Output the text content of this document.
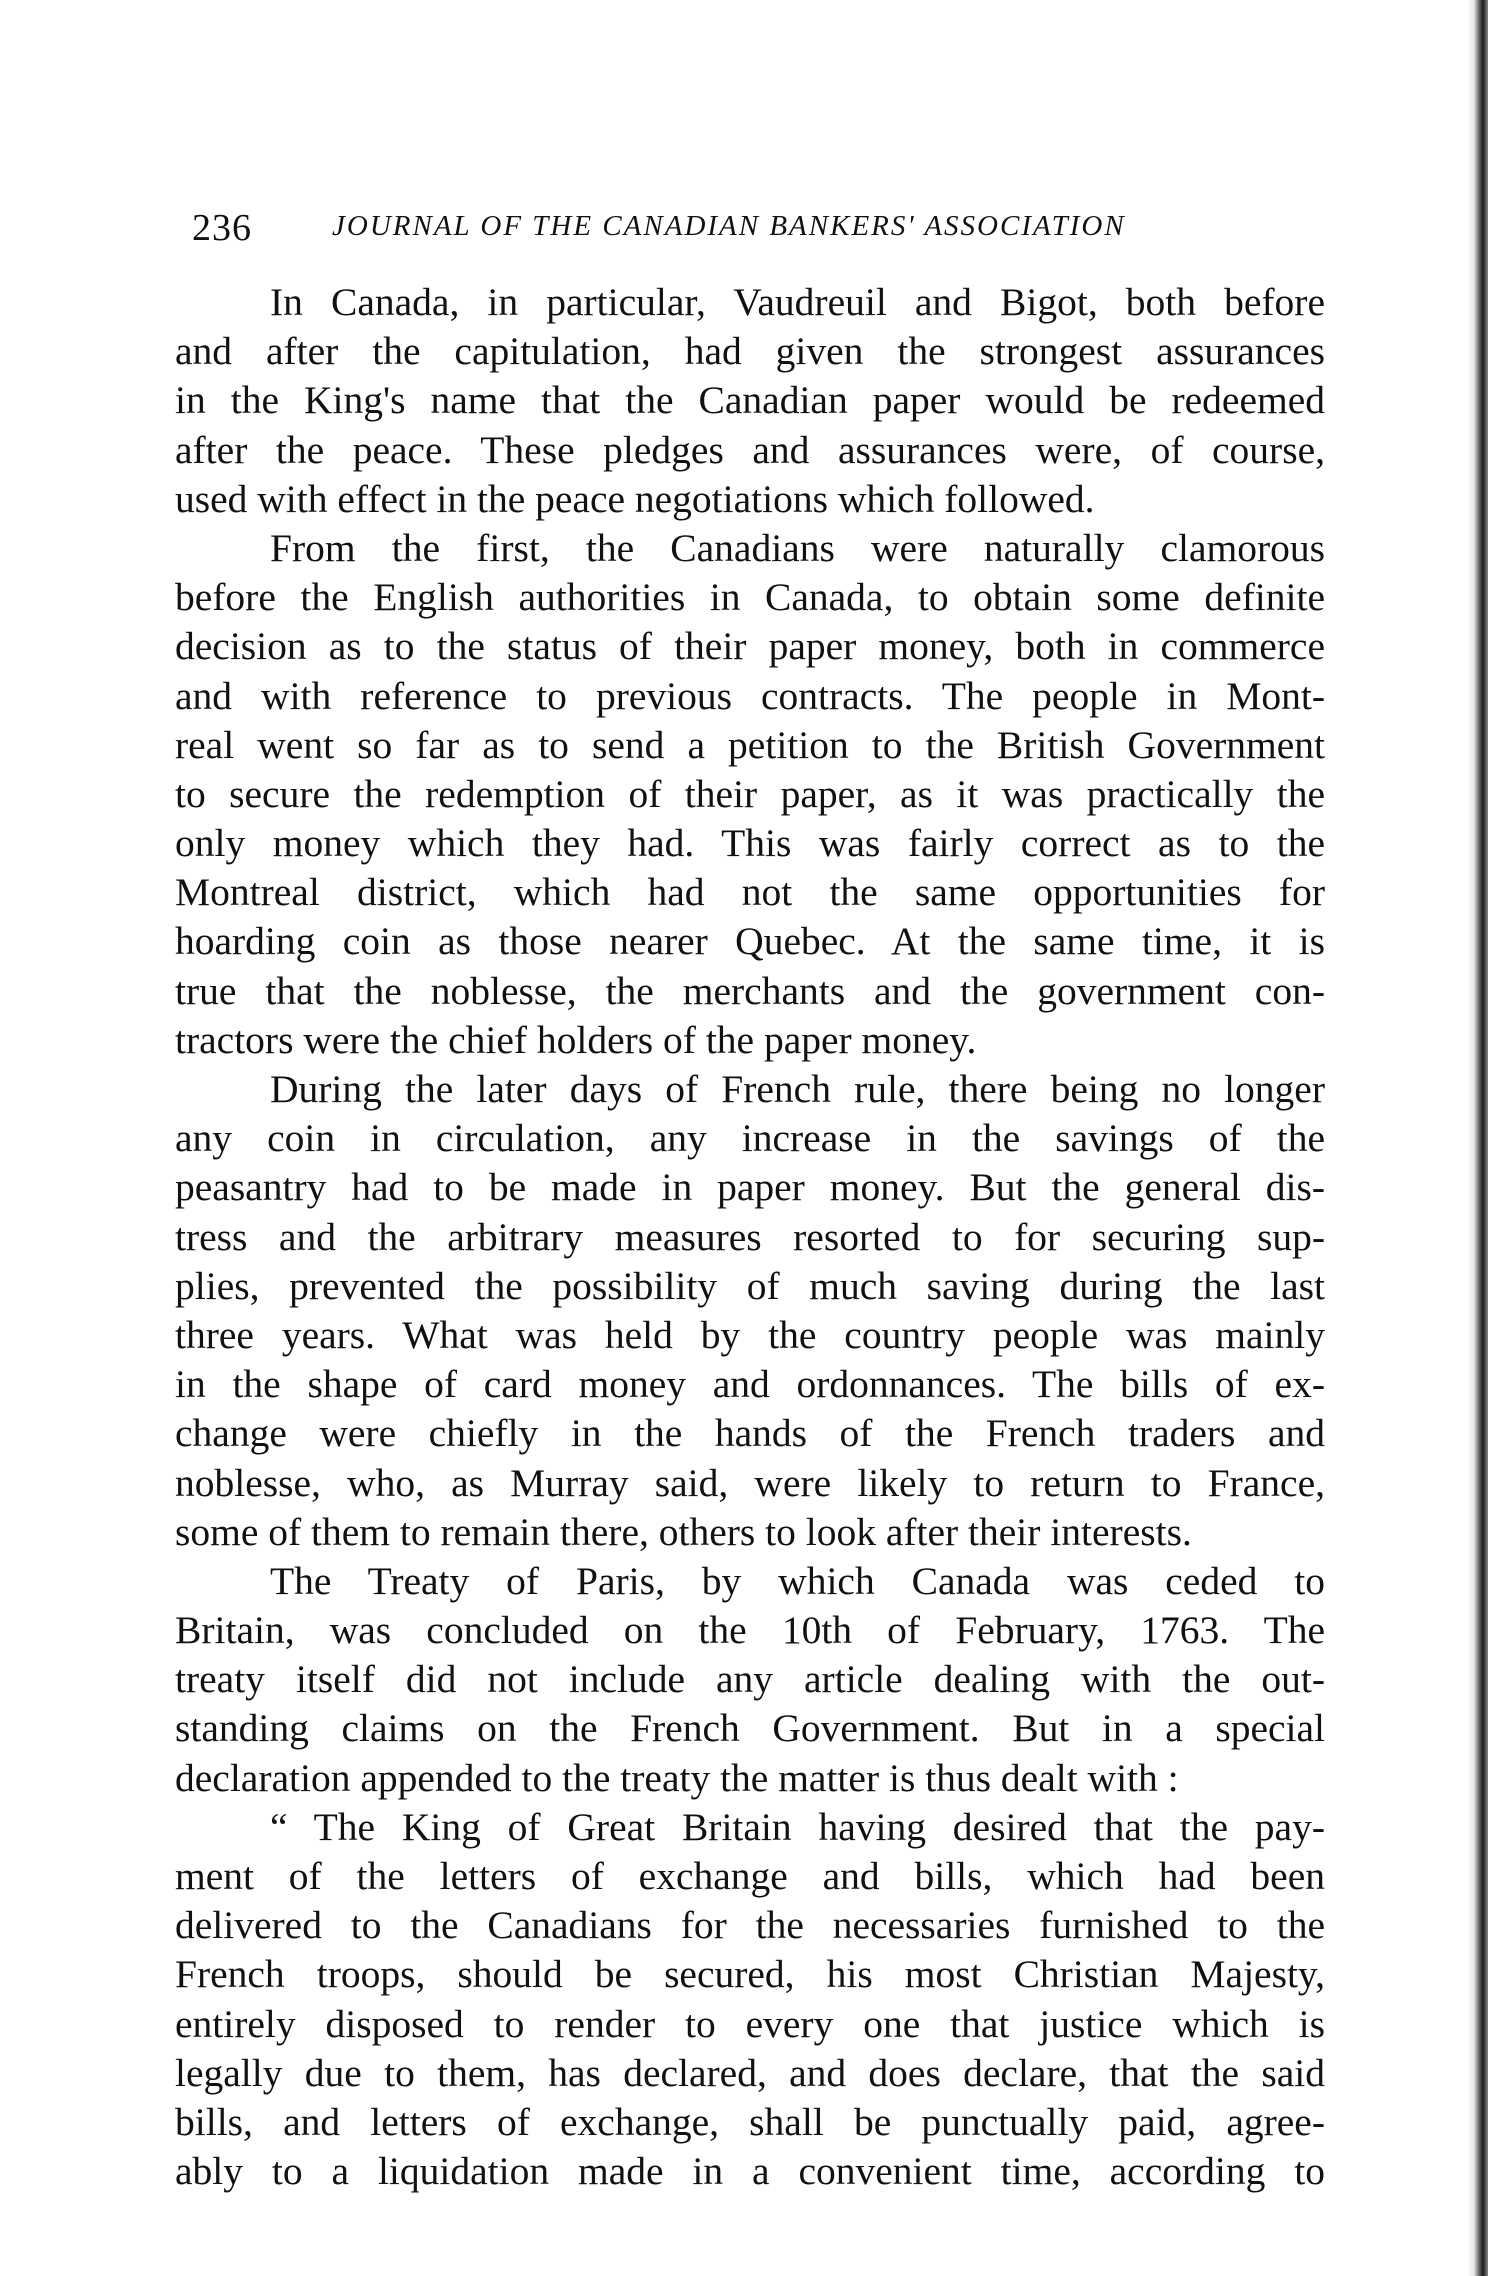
236	JOURNAL OF THE CANADIAN BANKERS' ASSOCIATION
In Canada, in particular, Vaudreuil and Bigot, both before
and after the capitulation, had given the strongest assurances
in the King's name that the Canadian paper would be redeemed
after the peace. These pledges and assurances were, of course,
used with effect in the peace negotiations which followed.
From the first, the Canadians were naturally clamorous
before the English authorities in Canada, to obtain some definite
decision as to the status of their paper money, both in commerce
and with reference to previous contracts. The people in Mont-
real went so far as to send a petition to the British Government
to secure the redemption of their paper, as it was practically the
only money which they had. This was fairly correct as to the
Montreal district, which had not the same opportunities for
hoarding coin as those nearer Quebec. At the same time, it is
true that the noblesse, the merchants and the government con-
tractors were the chief holders of the paper money.
During the later days of French rule, there being no longer
any coin in circulation, any increase in the savings of the
peasantry had to be made in paper money. But the general dis-
tress and the arbitrary measures resorted to for securing sup-
plies, prevented the possibility of much saving during the last
three years. What was held by the country people was mainly
in the shape of card money and ordonnances. The bills of ex-
change were chiefly in the hands of the French traders and
noblesse, who, as Murray said, were likely to return to France,
some of them to remain there, others to look after their interests.
The Treaty of Paris, by which Canada was ceded to
Britain, was concluded on the 10th of February, 1763. The
treaty itself did not include any article dealing with the out-
standing claims on the French Government. But in a special
declaration appended to the treaty the matter is thus dealt with :
“ The King of Great Britain having desired that the pay-
ment of the letters of exchange and bills, which had been
delivered to the Canadians for the necessaries furnished to the
French troops, should be secured, his most Christian Majesty,
entirely disposed to render to every one that justice which is
legally due to them, has declared, and does declare, that the said
bills, and letters of exchange, shall be punctually paid, agree-
ably to a liquidation made in a convenient time, according to
